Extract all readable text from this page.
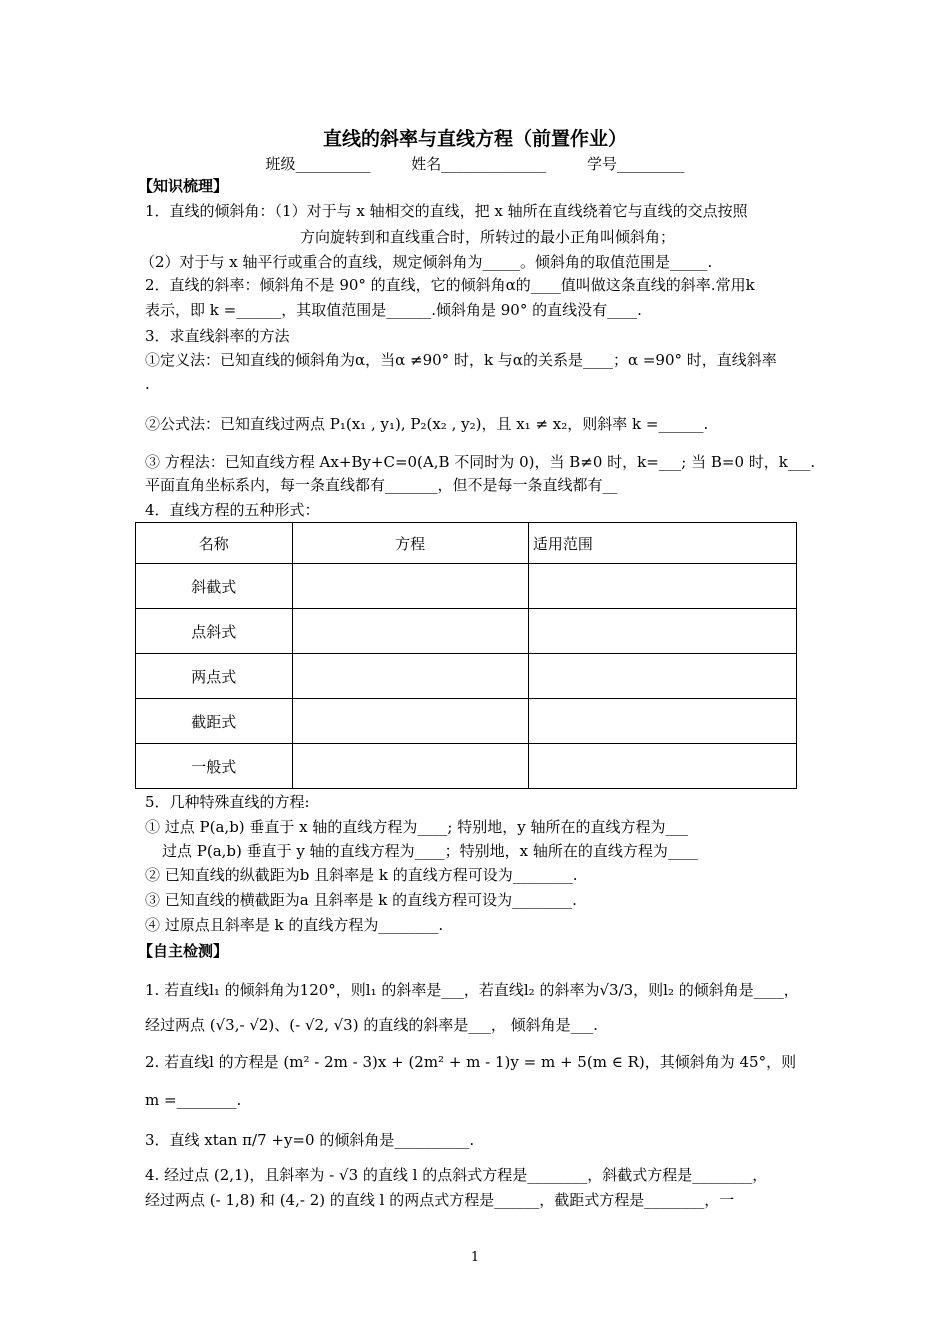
直线的斜率与直线方程（前置作业）
班级__________	姓名______________	学号_________
【知识梳理】
1．直线的倾斜角：（1）对于与 x 轴相交的直线，把 x 轴所在直线绕着它与直线的交点按照
方向旋转到和直线重合时，所转过的最小正角叫倾斜角；
（2）对于与 x 轴平行或重合的直线，规定倾斜角为_____。倾斜角的取值范围是_____.
2．直线的斜率：倾斜角不是 90° 的直线，它的倾斜角α的____值叫做这条直线的斜率.常用k
表示，即 k =______，其取值范围是______.倾斜角是 90° 的直线没有____.
3．求直线斜率的方法
①定义法：已知直线的倾斜角为α，当α ≠90° 时，k 与α的关系是____；α =90° 时，直线斜率
.
②公式法：已知直线过两点 P₁(x₁ , y₁), P₂(x₂ , y₂)，且 x₁ ≠ x₂，则斜率 k =______.
③ 方程法：已知直线方程 Ax+By+C=0(A,B 不同时为 0)，当 B≠0 时，k=___; 当 B=0 时，k___.
平面直角坐标系内，每一条直线都有_______，但不是每一条直线都有__
4．直线方程的五种形式：
名称	方程	适用范围
斜截式		
点斜式		
两点式		
截距式		
一般式		
5．几种特殊直线的方程:
① 过点 P(a,b) 垂直于 x 轴的直线方程为____; 特别地，y 轴所在的直线方程为___
过点 P(a,b) 垂直于 y 轴的直线方程为____；特别地，x 轴所在的直线方程为____
② 已知直线的纵截距为b 且斜率是 k 的直线方程可设为________.
③ 已知直线的横截距为a 且斜率是 k 的直线方程可设为________.
④ 过原点且斜率是 k 的直线方程为________.
【自主检测】
1. 若直线l₁ 的倾斜角为120°，则l₁ 的斜率是___，若直线l₂ 的斜率为√3/3，则l₂ 的倾斜角是____，
经过两点 (√3,- √2)、(- √2, √3) 的直线的斜率是___， 倾斜角是___.
2. 若直线l 的方程是 (m² - 2m - 3)x + (2m² + m - 1)y = m + 5(m ∈ R)，其倾斜角为 45°，则
m =________.
3．直线 xtan π/7 +y=0 的倾斜角是__________.
4. 经过点 (2,1)，且斜率为 - √3 的直线 l 的点斜式方程是________，斜截式方程是________，
经过两点 (- 1,8) 和 (4,- 2) 的直线 l 的两点式方程是______，截距式方程是________，一
1
